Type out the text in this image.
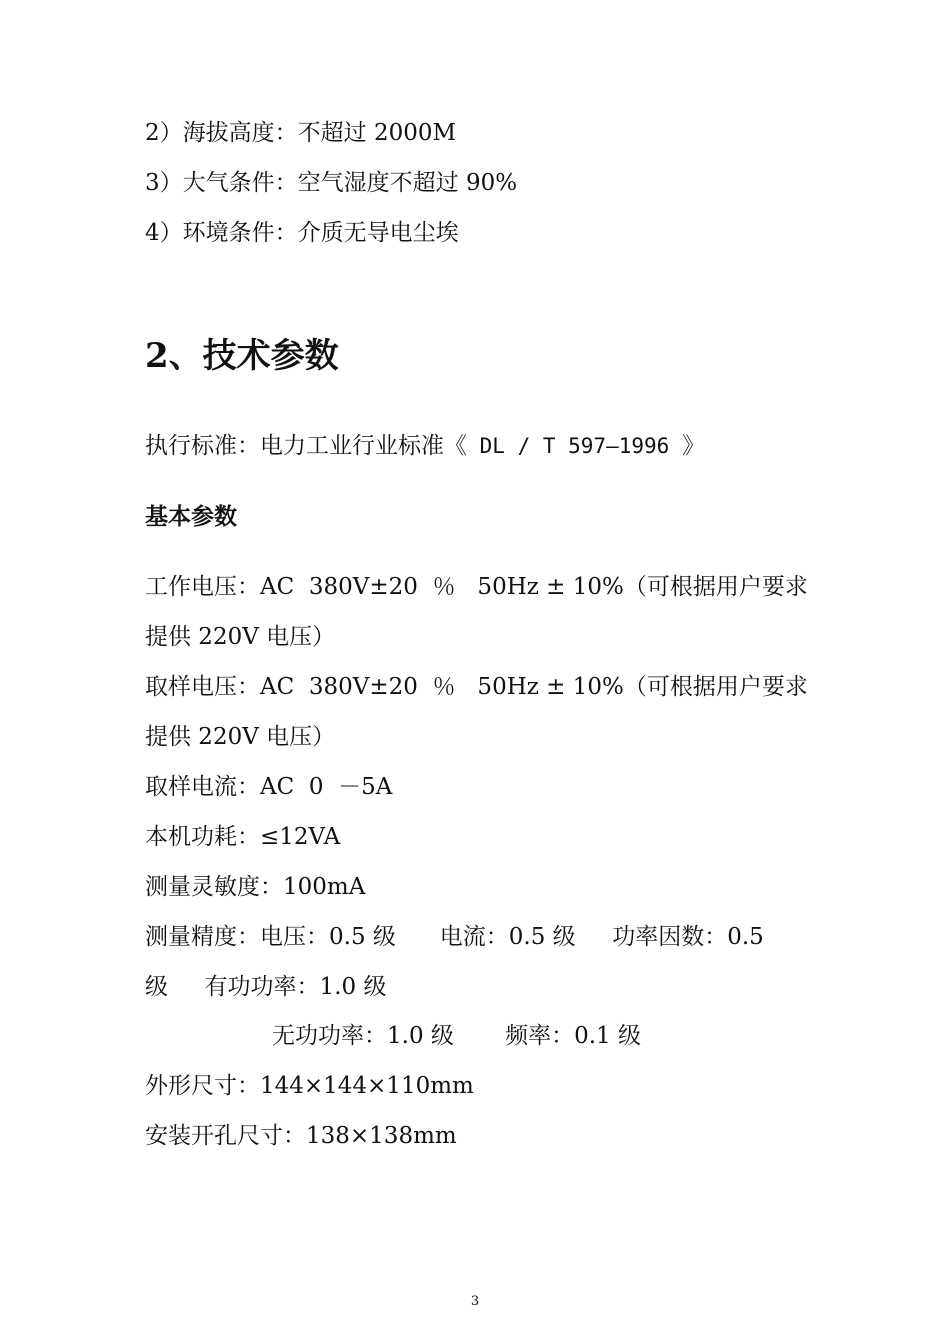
2）海拔高度：不超过 2000M
3）大气条件：空气湿度不超过 90%
4）环境条件：介质无导电尘埃
2、技术参数
执行标准：电力工业行业标准《 DL / T 597—1996 》
基本参数
工作电压：AC  380V±20  ％   50Hz ± 10%（可根据用户要求
提供 220V 电压）
取样电压：AC  380V±20  ％   50Hz ± 10%（可根据用户要求
提供 220V 电压）
取样电流：AC  0  －5A
本机功耗：≤12VA
测量灵敏度：100mA
测量精度：电压：0.5 级      电流：0.5 级     功率因数：0.5
级     有功功率：1.0 级
无功功率：1.0 级       频率：0.1 级
外形尺寸：144×144×110mm
安装开孔尺寸：138×138mm
3
